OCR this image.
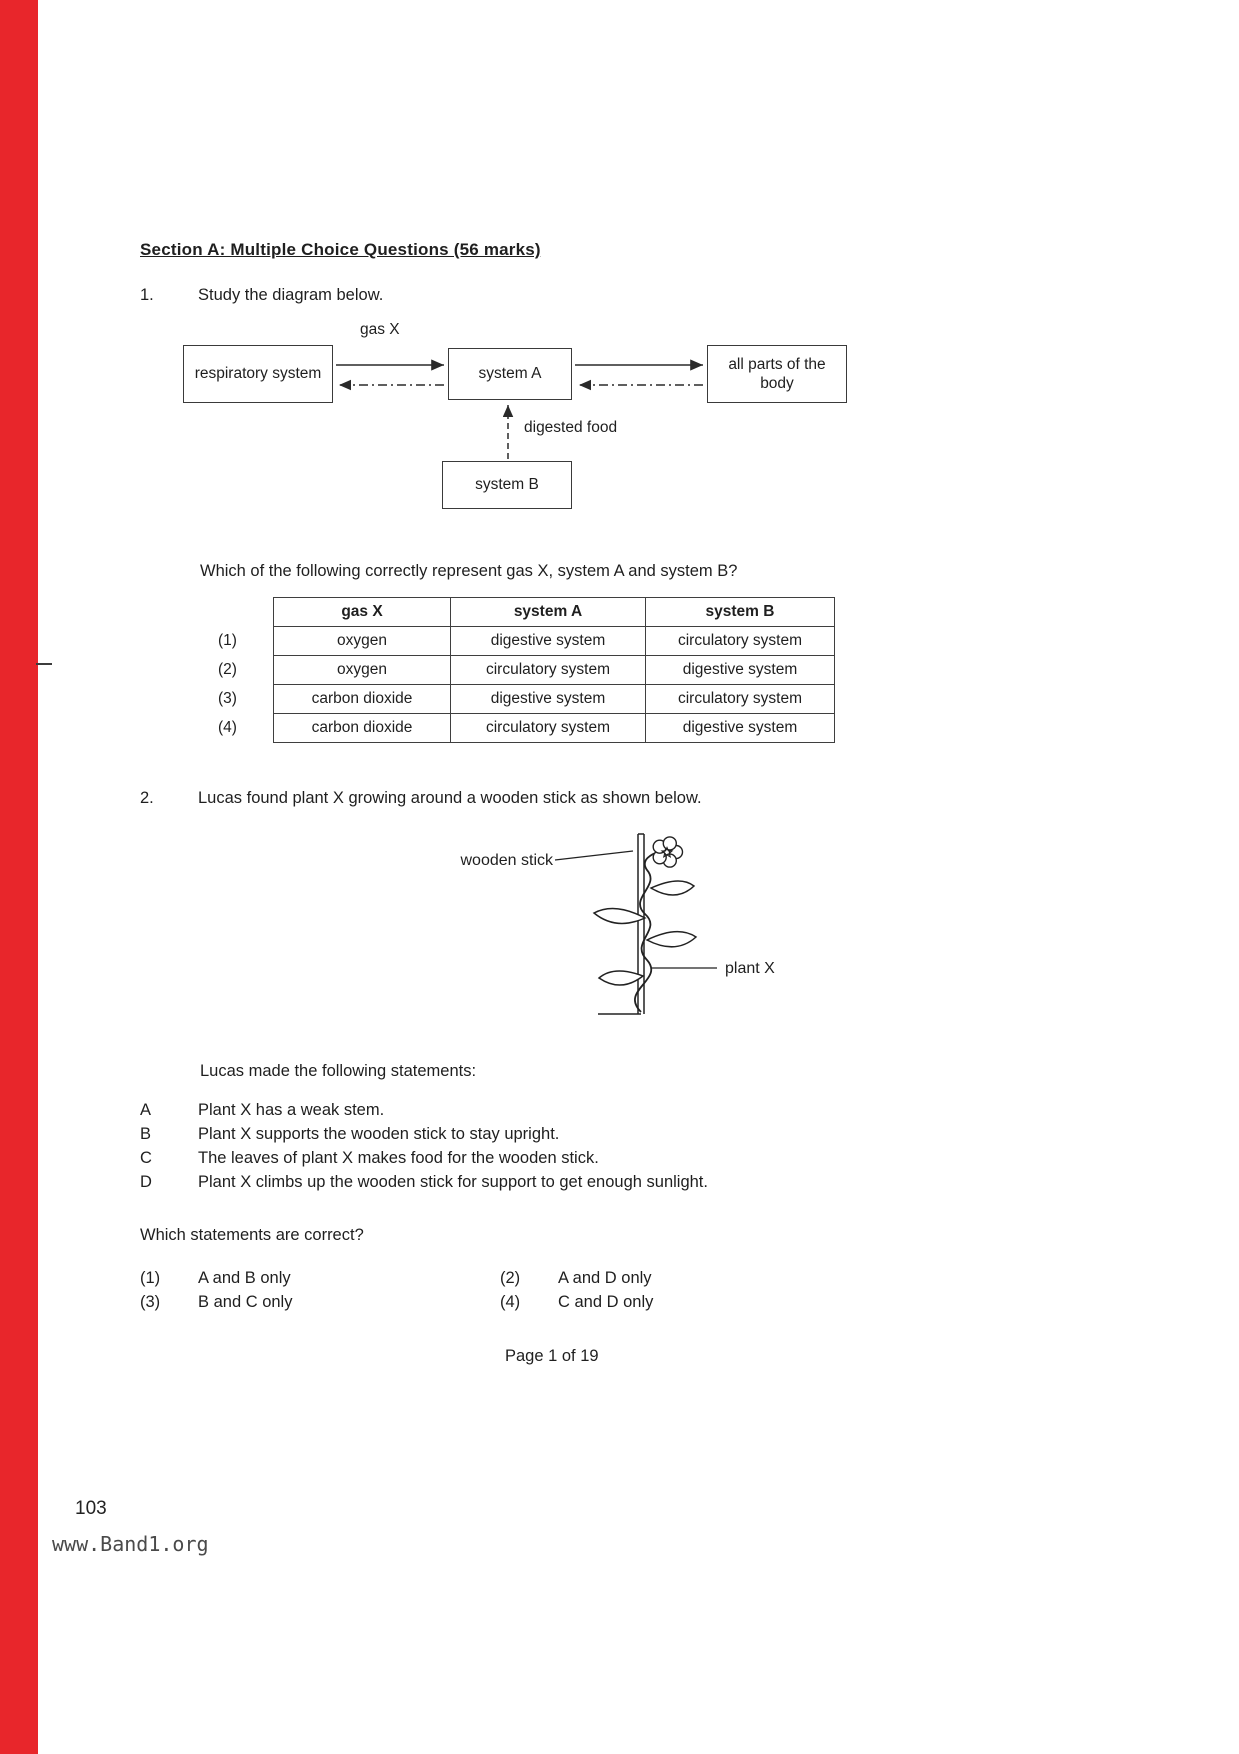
Section A: Multiple Choice Questions (56 marks)
1.	Study the diagram below.
respiratory system	system A
all parts of the body
system B
gas X
digested food
Which of the following correctly represent gas X, system A and system B?
	gas X	system A	system B
(1)	oxygen	digestive system	circulatory system
(2)	oxygen	circulatory system	digestive system
(3)	carbon dioxide	digestive system	circulatory system
(4)	carbon dioxide	circulatory system	digestive system
2.	Lucas found plant X growing around a wooden stick as shown below.
wooden stick
plant X
Lucas made the following statements:
A	Plant X has a weak stem.
B	Plant X supports the wooden stick to stay upright.
C	The leaves of plant X makes food for the wooden stick.
D	Plant X climbs up the wooden stick for support to get enough sunlight.
Which statements are correct?
(1)	A and B only	(2)	A and D only
(3)	B and C only	(4)	C and D only
Page 1 of 19
103
www.Band1.org
